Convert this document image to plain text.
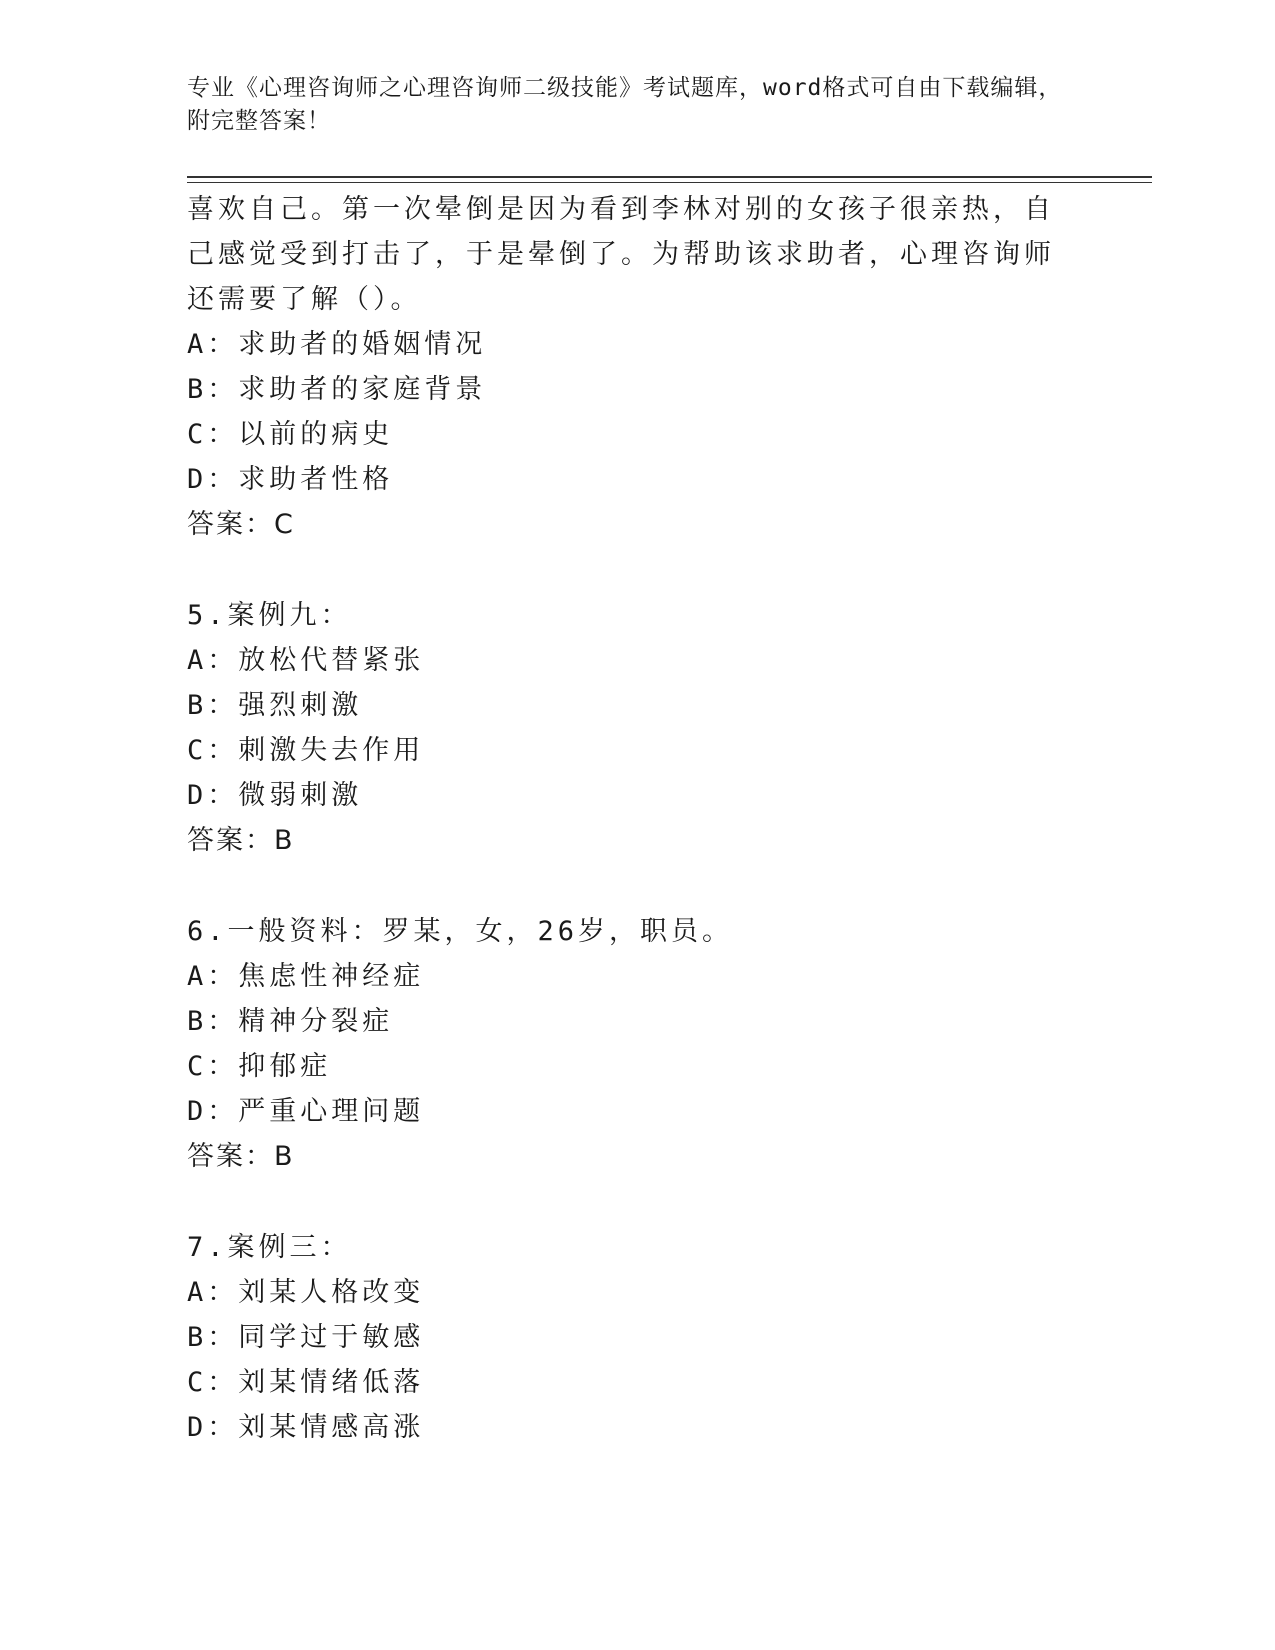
专业《心理咨询师之心理咨询师二级技能》考试题库，word格式可自由下载编辑，附完整答案！
喜欢自己。第一次晕倒是因为看到李林对别的女孩子很亲热，自己感觉受到打击了，于是晕倒了。为帮助该求助者，心理咨询师还需要了解（）。
A：求助者的婚姻情况
B：求助者的家庭背景
C：以前的病史
D：求助者性格
答案：C
5.案例九：
A：放松代替紧张
B：强烈刺激
C：刺激失去作用
D：微弱刺激
答案：B
6.一般资料：罗某，女，26岁，职员。
A：焦虑性神经症
B：精神分裂症
C：抑郁症
D：严重心理问题
答案：B
7.案例三：
A：刘某人格改变
B：同学过于敏感
C：刘某情绪低落
D：刘某情感高涨
